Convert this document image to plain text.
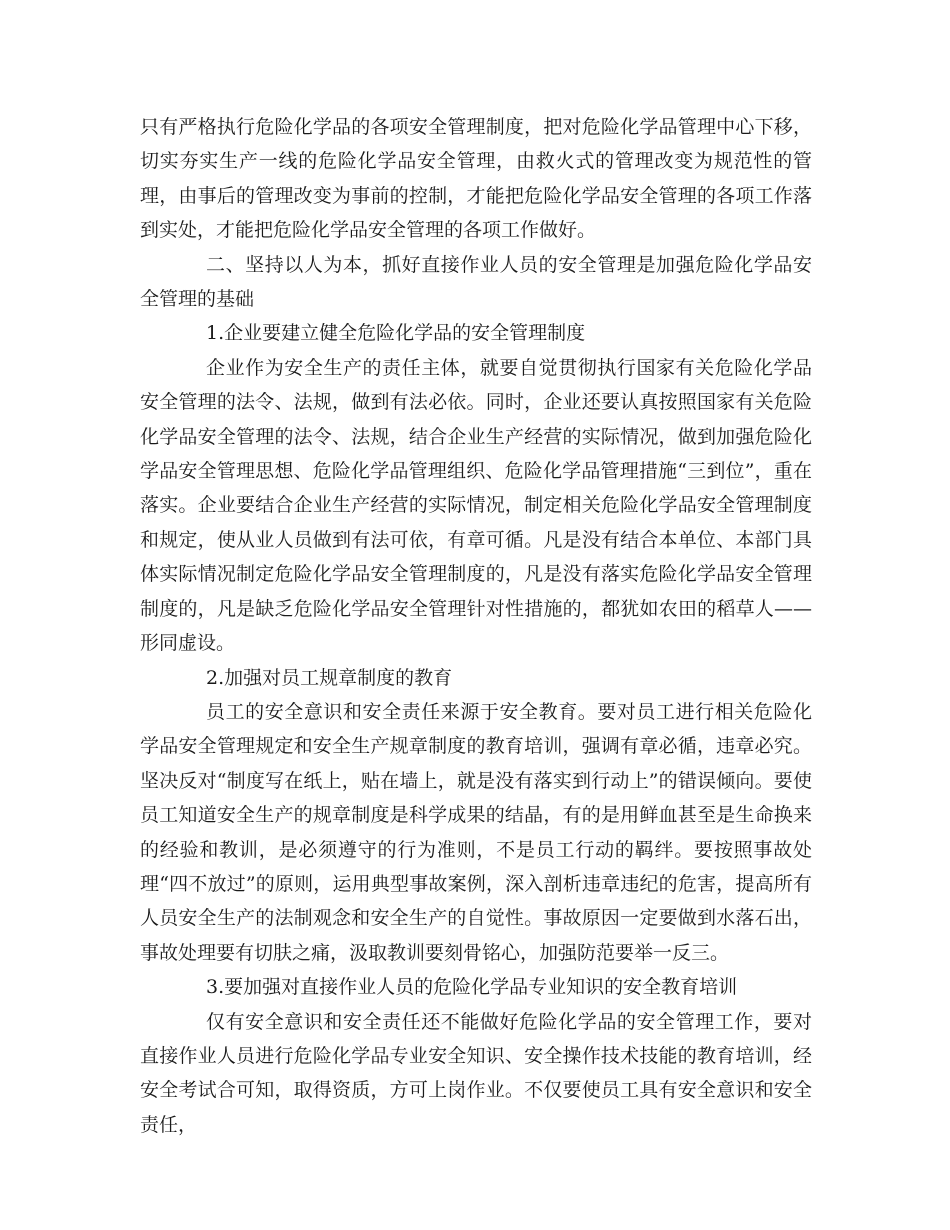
只有严格执行危险化学品的各项安全管理制度，把对危险化学品管理中心下移，切实夯实生产一线的危险化学品安全管理，由救火式的管理改变为规范性的管理，由事后的管理改变为事前的控制，才能把危险化学品安全管理的各项工作落到实处，才能把危险化学品安全管理的各项工作做好。

二、坚持以人为本，抓好直接作业人员的安全管理是加强危险化学品安全管理的基础

1.企业要建立健全危险化学品的安全管理制度

企业作为安全生产的责任主体，就要自觉贯彻执行国家有关危险化学品安全管理的法令、法规，做到有法必依。同时，企业还要认真按照国家有关危险化学品安全管理的法令、法规，结合企业生产经营的实际情况，做到加强危险化学品安全管理思想、危险化学品管理组织、危险化学品管理措施“三到位”，重在落实。企业要结合企业生产经营的实际情况，制定相关危险化学品安全管理制度和规定，使从业人员做到有法可依，有章可循。凡是没有结合本单位、本部门具体实际情况制定危险化学品安全管理制度的，凡是没有落实危险化学品安全管理制度的，凡是缺乏危险化学品安全管理针对性措施的，都犹如农田的稻草人——形同虚设。

2.加强对员工规章制度的教育

员工的安全意识和安全责任来源于安全教育。要对员工进行相关危险化学品安全管理规定和安全生产规章制度的教育培训，强调有章必循，违章必究。坚决反对“制度写在纸上，贴在墙上，就是没有落实到行动上”的错误倾向。要使员工知道安全生产的规章制度是科学成果的结晶，有的是用鲜血甚至是生命换来的经验和教训，是必须遵守的行为准则，不是员工行动的羁绊。要按照事故处理“四不放过”的原则，运用典型事故案例，深入剖析违章违纪的危害，提高所有人员安全生产的法制观念和安全生产的自觉性。事故原因一定要做到水落石出，事故处理要有切肤之痛，汲取教训要刻骨铭心，加强防范要举一反三。

3.要加强对直接作业人员的危险化学品专业知识的安全教育培训

仅有安全意识和安全责任还不能做好危险化学品的安全管理工作，要对直接作业人员进行危险化学品专业安全知识、安全操作技术技能的教育培训，经安全考试合可知，取得资质，方可上岗作业。不仅要使员工具有安全意识和安全责任，
